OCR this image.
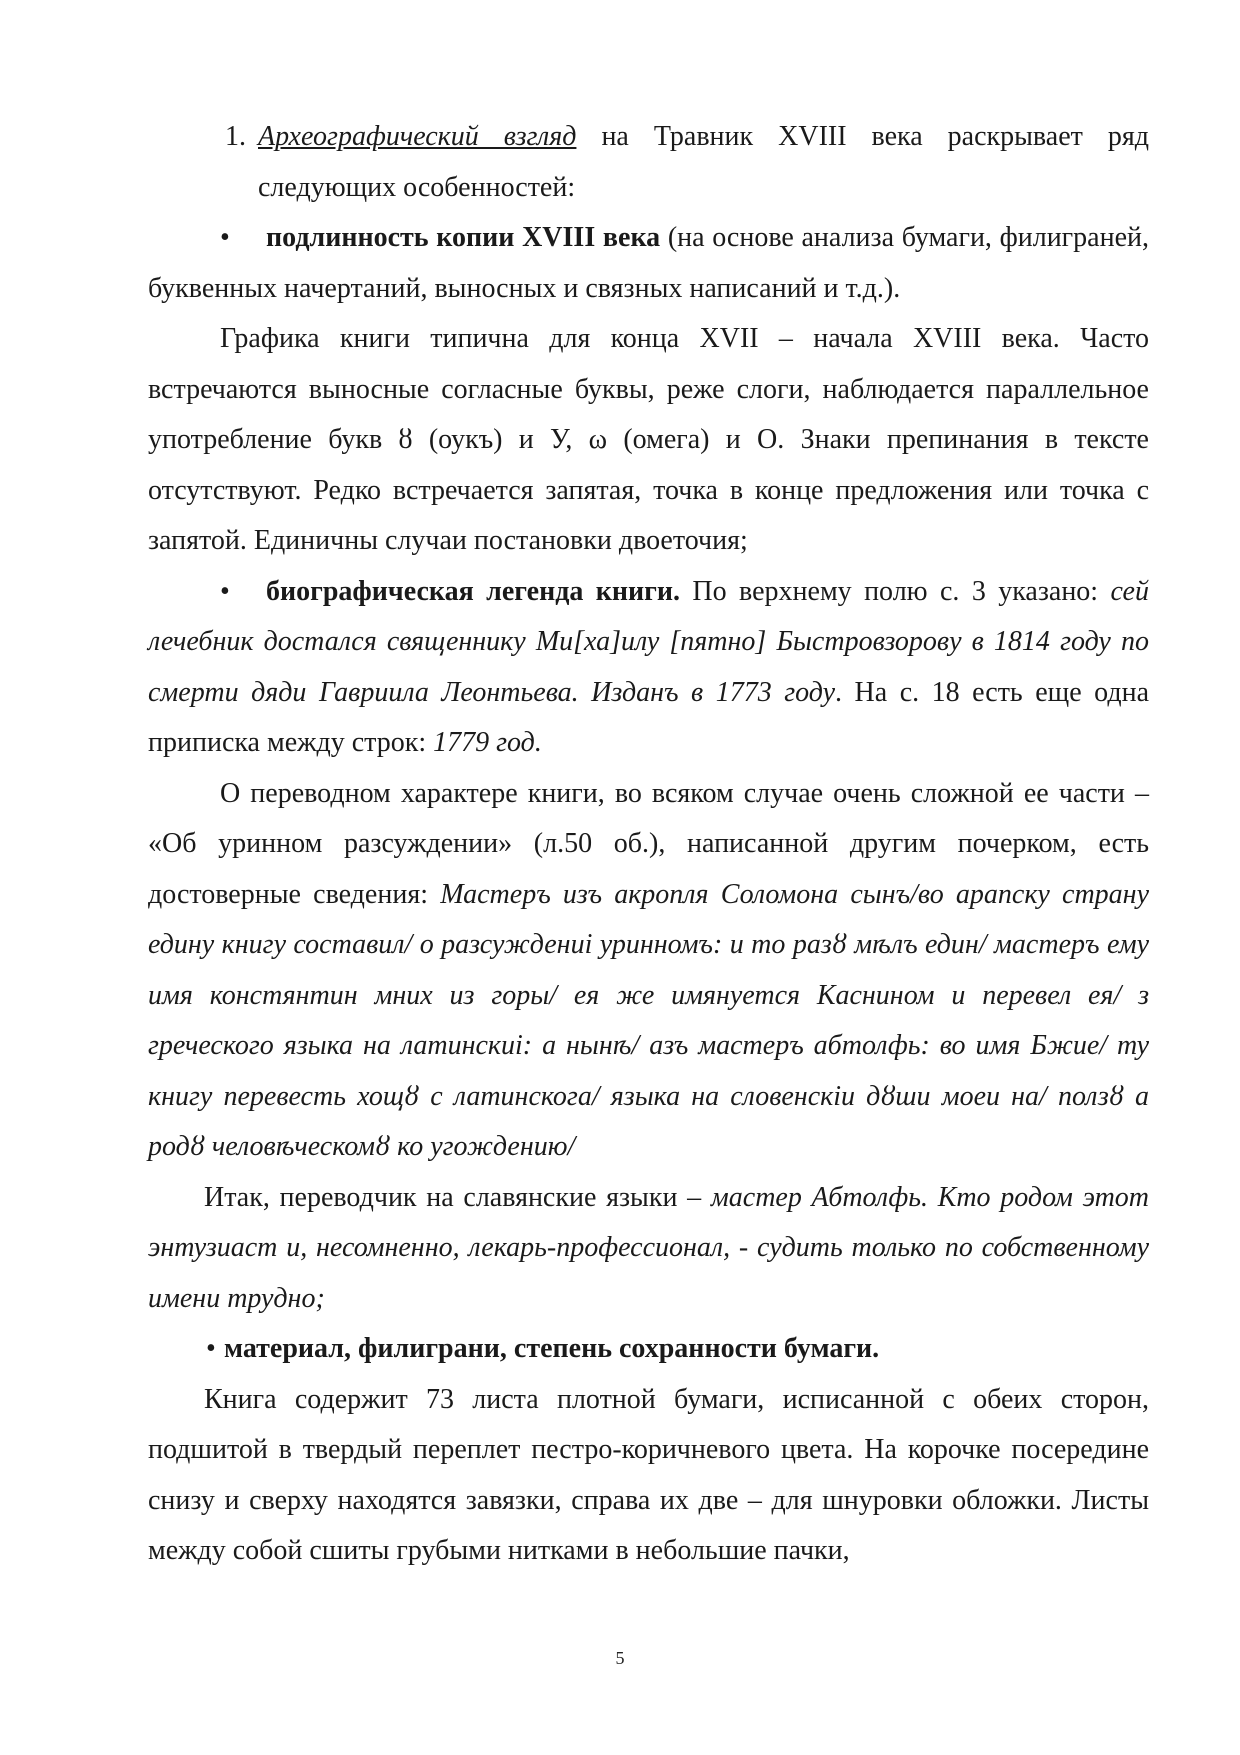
1. Археографический взгляд на Травник XVIII века раскрывает ряд следующих особенностей:

• подлинность копии XVIII века (на основе анализа бумаги, филиграней, буквенных начертаний, выносных и связных написаний и т.д.).

Графика книги типична для конца XVII – начала XVIII века. Часто встречаются выносные согласные буквы, реже слоги, наблюдается параллельное употребление букв ȣ (оукъ) и У, ω (омега) и О. Знаки препинания в тексте отсутствуют. Редко встречается запятая, точка в конце предложения или точка с запятой. Единичны случаи постановки двоеточия;

• биографическая легенда книги. По верхнему полю с. 3 указано: сей лечебник достался священнику Ми[ха]илу [пятно] Быстровзорову в 1814 году по смерти дяди Гавриила Леонтьева. Изданъ в 1773 году. На с. 18 есть еще одна приписка между строк: 1779 год.

О переводном характере книги, во всяком случае очень сложной ее части – «Об уринном разсуждении» (л.50 об.), написанной другим почерком, есть достоверные сведения: Мастеръ изъ акропля Соломона сынъ/во арапску страну едину книгу составил/ о разсуждениi уринномъ: и то разȣ мѣлъ един/ мастеръ ему имя констянтин мних из горы/ ея же имянуется Каснином и перевел ея/ з греческого языка на латинскиi: а нынѣ/ азъ мастеръ абтолфь: во имя Бжие/ ту книгу перевесть хощȣ с латинскога/ языка на словенскiи дȣши моеи на/ ползȣ а родȣ человѣческомȣ ко угождению/

Итак, переводчик на славянские языки – мастер Абтолфь. Кто родом этот энтузиаст и, несомненно, лекарь-профессионал, - судить только по собственному имени трудно;

• материал, филиграни, степень сохранности бумаги.

Книга содержит 73 листа плотной бумаги, исписанной с обеих сторон, подшитой в твердый переплет пестро-коричневого цвета. На корочке посередине снизу и сверху находятся завязки, справа их две – для шнуровки обложки. Листы между собой сшиты грубыми нитками в небольшие пачки,

5
